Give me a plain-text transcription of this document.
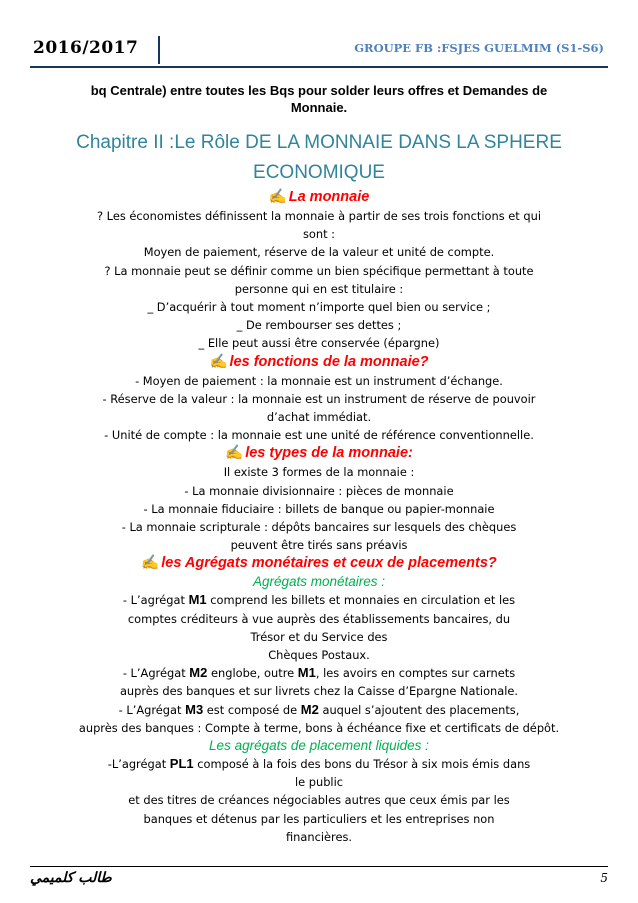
2016/2017	GROUPE FB :FSJES GUELMIM (S1-S6)
bq Centrale) entre toutes les Bqs pour solder leurs offres et Demandes de Monnaie.
Chapitre II :Le Rôle DE LA MONNAIE DANS LA SPHERE ECONOMIQUE
✍ La monnaie
? Les économistes définissent la monnaie à partir de ses trois fonctions et qui
sont :
Moyen de paiement, réserve de la valeur et unité de compte.
? La monnaie peut se définir comme un bien spécifique permettant à toute
personne qui en est titulaire :
_ D’acquérir à tout moment n’importe quel bien ou service ;
_ De rembourser ses dettes ;
_ Elle peut aussi être conservée (épargne)
✍ les fonctions de la monnaie?
- Moyen de paiement : la monnaie est un instrument d’échange.
- Réserve de la valeur : la monnaie est un instrument de réserve de pouvoir
d’achat immédiat.
- Unité de compte : la monnaie est une unité de référence conventionnelle.
✍ les types de la monnaie:
Il existe 3 formes de la monnaie :
- La monnaie divisionnaire : pièces de monnaie
- La monnaie fiduciaire : billets de banque ou papier-monnaie
- La monnaie scripturale : dépôts bancaires sur lesquels des chèques
peuvent être tirés sans préavis
✍ les Agrégats monétaires et ceux de placements?
Agrégats monétaires :
- L’agrégat M1 comprend les billets et monnaies en circulation et les
comptes créditeurs à vue auprès des établissements bancaires, du
Trésor et du Service des
Chèques Postaux.
- L’Agrégat M2 englobe, outre M1, les avoirs en comptes sur carnets
auprès des banques et sur livrets chez la Caisse d’Epargne Nationale.
- L’Agrégat M3 est composé de M2 auquel s’ajoutent des placements,
auprès des banques : Compte à terme, bons à échéance fixe et certificats de dépôt.
Les agrégats de placement liquides :
-L’agrégat PL1 composé à la fois des bons du Trésor à six mois émis dans
le public
et des titres de créances négociables autres que ceux émis par les
banques et détenus par les particuliers et les entreprises non
financières.
طالب كلميمي	5
